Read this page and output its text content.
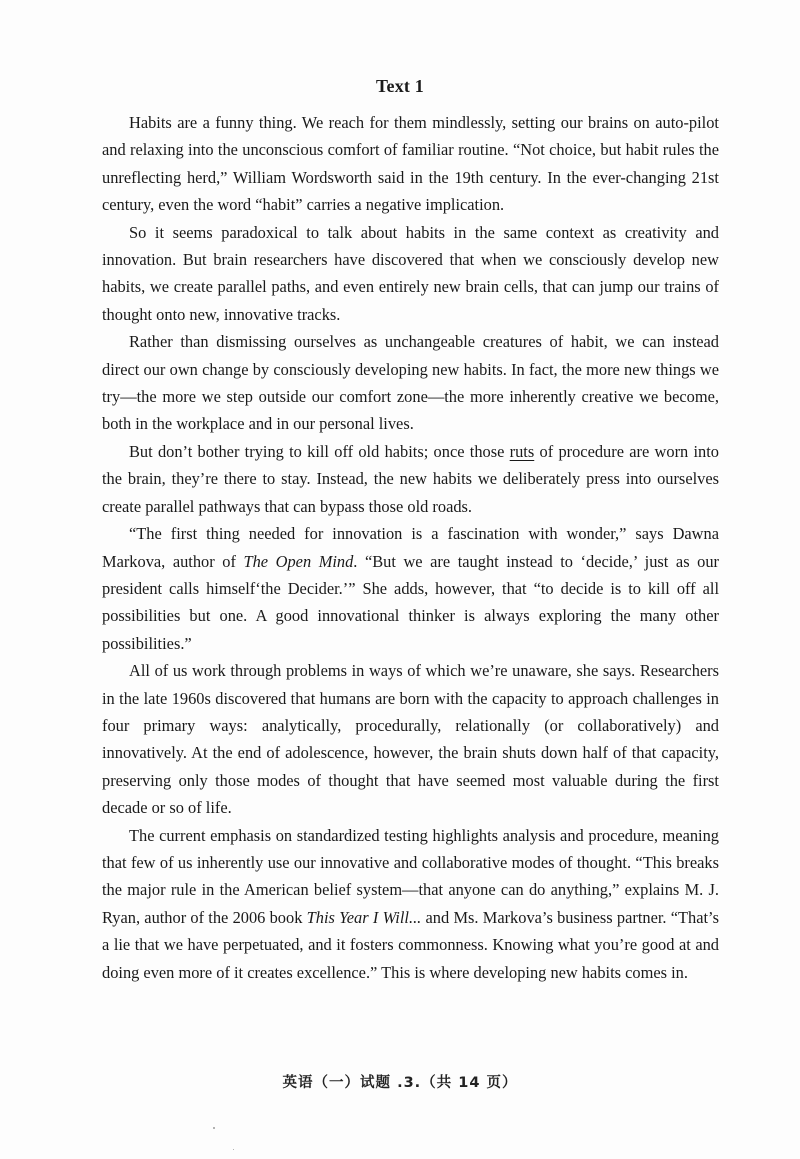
Text 1

Habits are a funny thing. We reach for them mindlessly, setting our brains on auto-pilot and relaxing into the unconscious comfort of familiar routine. “Not choice, but habit rules the unreflecting herd,” William Wordsworth said in the 19th century. In the ever-changing 21st century, even the word “habit” carries a negative implication.

So it seems paradoxical to talk about habits in the same context as creativity and innovation. But brain researchers have discovered that when we consciously develop new habits, we create parallel paths, and even entirely new brain cells, that can jump our trains of thought onto new, innovative tracks.

Rather than dismissing ourselves as unchangeable creatures of habit, we can instead direct our own change by consciously developing new habits. In fact, the more new things we try—the more we step outside our comfort zone—the more inherently creative we become, both in the workplace and in our personal lives.

But don’t bother trying to kill off old habits; once those ruts of procedure are worn into the brain, they’re there to stay. Instead, the new habits we deliberately press into ourselves create parallel pathways that can bypass those old roads.

“The first thing needed for innovation is a fascination with wonder,” says Dawna Markova, author of The Open Mind. “But we are taught instead to ‘decide,’ just as our president calls himself‘the Decider.’” She adds, however, that “to decide is to kill off all possibilities but one. A good innovational thinker is always exploring the many other possibilities.”

All of us work through problems in ways of which we’re unaware, she says. Researchers in the late 1960s discovered that humans are born with the capacity to approach challenges in four primary ways: analytically, procedurally, relationally (or collaboratively) and innovatively. At the end of adolescence, however, the brain shuts down half of that capacity, preserving only those modes of thought that have seemed most valuable during the first decade or so of life.

The current emphasis on standardized testing highlights analysis and procedure, meaning that few of us inherently use our innovative and collaborative modes of thought. “This breaks the major rule in the American belief system—that anyone can do anything,” explains M. J. Ryan, author of the 2006 book This Year I Will... and Ms. Markova’s business partner. “That’s a lie that we have perpetuated, and it fosters commonness. Knowing what you’re good at and doing even more of it creates excellence.” This is where developing new habits comes in.

英语（一）试题 .3.（共 14 页）
